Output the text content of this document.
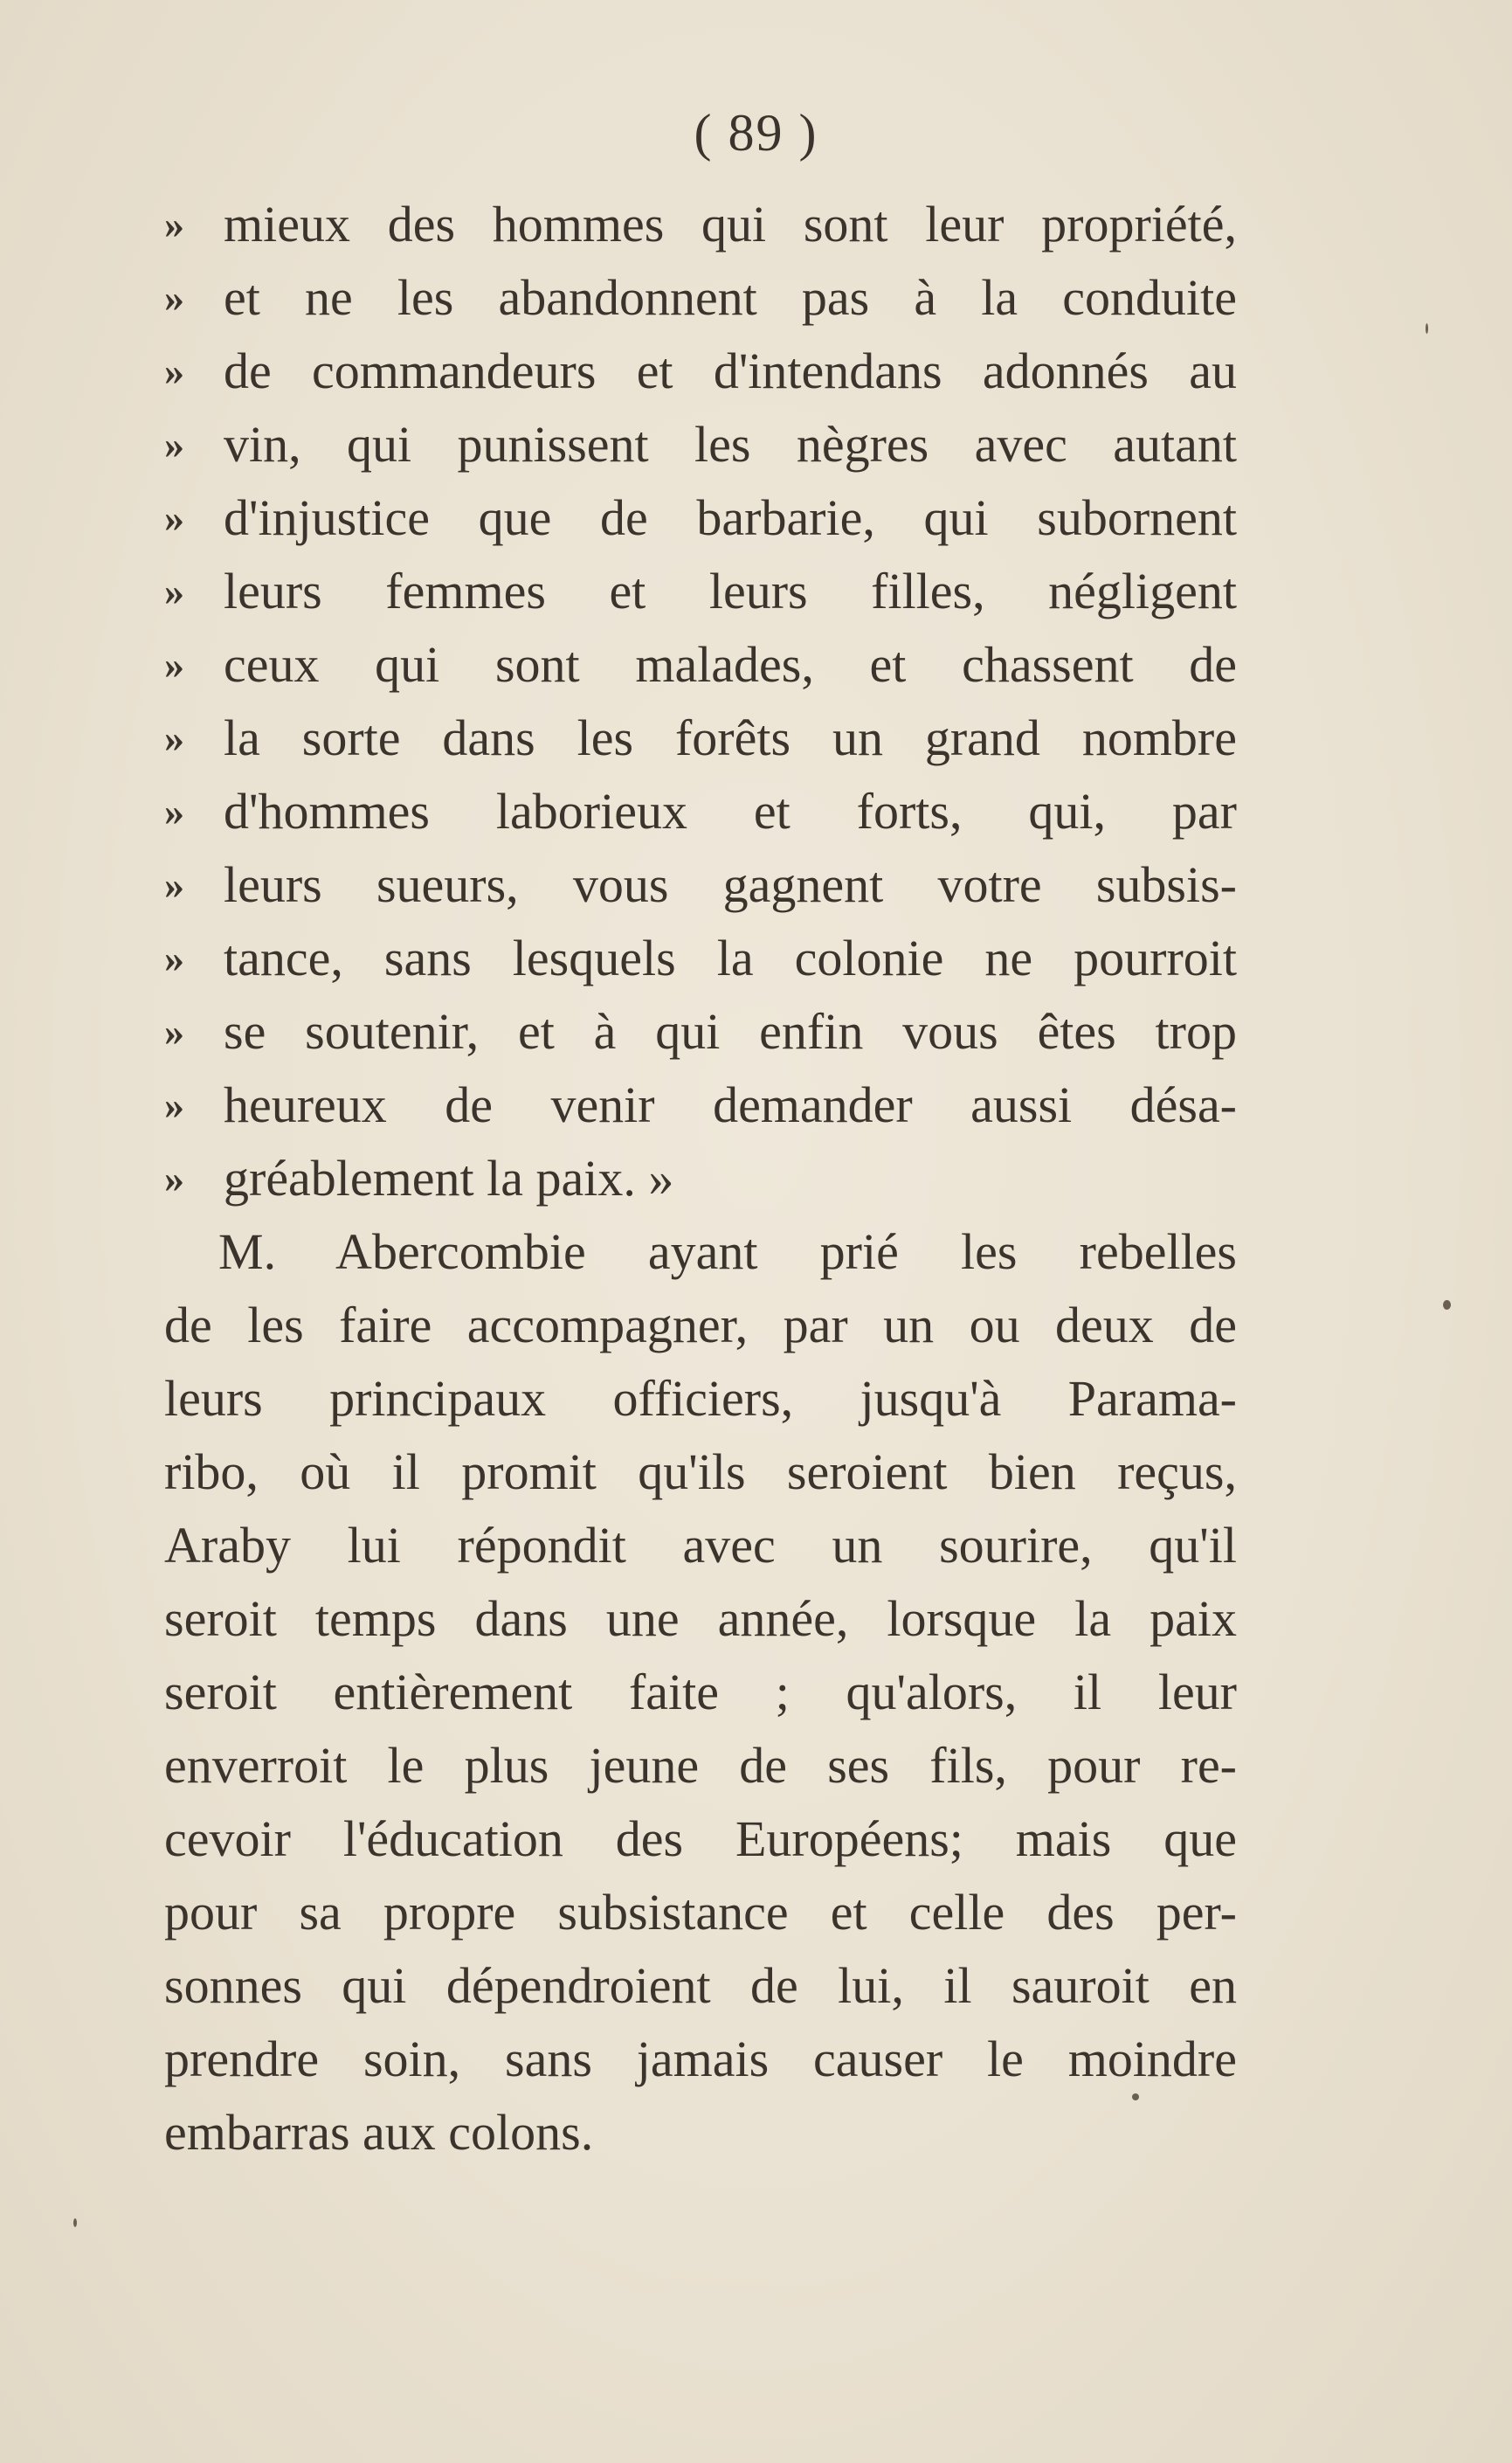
( 89 )
» mieux des hommes qui sont leur propriété,
» et ne les abandonnent pas à la conduite
» de commandeurs et d'intendans adonnés au
» vin, qui punissent les nègres avec autant
» d'injustice que de barbarie, qui subornent
» leurs femmes et leurs filles, négligent
» ceux qui sont malades, et chassent de
» la sorte dans les forêts un grand nombre
» d'hommes laborieux et forts, qui, par
» leurs sueurs, vous gagnent votre subsis-
» tance, sans lesquels la colonie ne pourroit
» se soutenir, et à qui enfin vous êtes trop
» heureux de venir demander aussi désa-
» gréablement la paix. »
M. Abercombie ayant prié les rebelles
de les faire accompagner, par un ou deux de
leurs principaux officiers, jusqu'à Parama-
ribo, où il promit qu'ils seroient bien reçus,
Araby lui répondit avec un sourire, qu'il
seroit temps dans une année, lorsque la paix
seroit entièrement faite ; qu'alors, il leur
enverroit le plus jeune de ses fils, pour re-
cevoir l'éducation des Européens; mais que
pour sa propre subsistance et celle des per-
sonnes qui dépendroient de lui, il sauroit en
prendre soin, sans jamais causer le moindre
embarras aux colons.
